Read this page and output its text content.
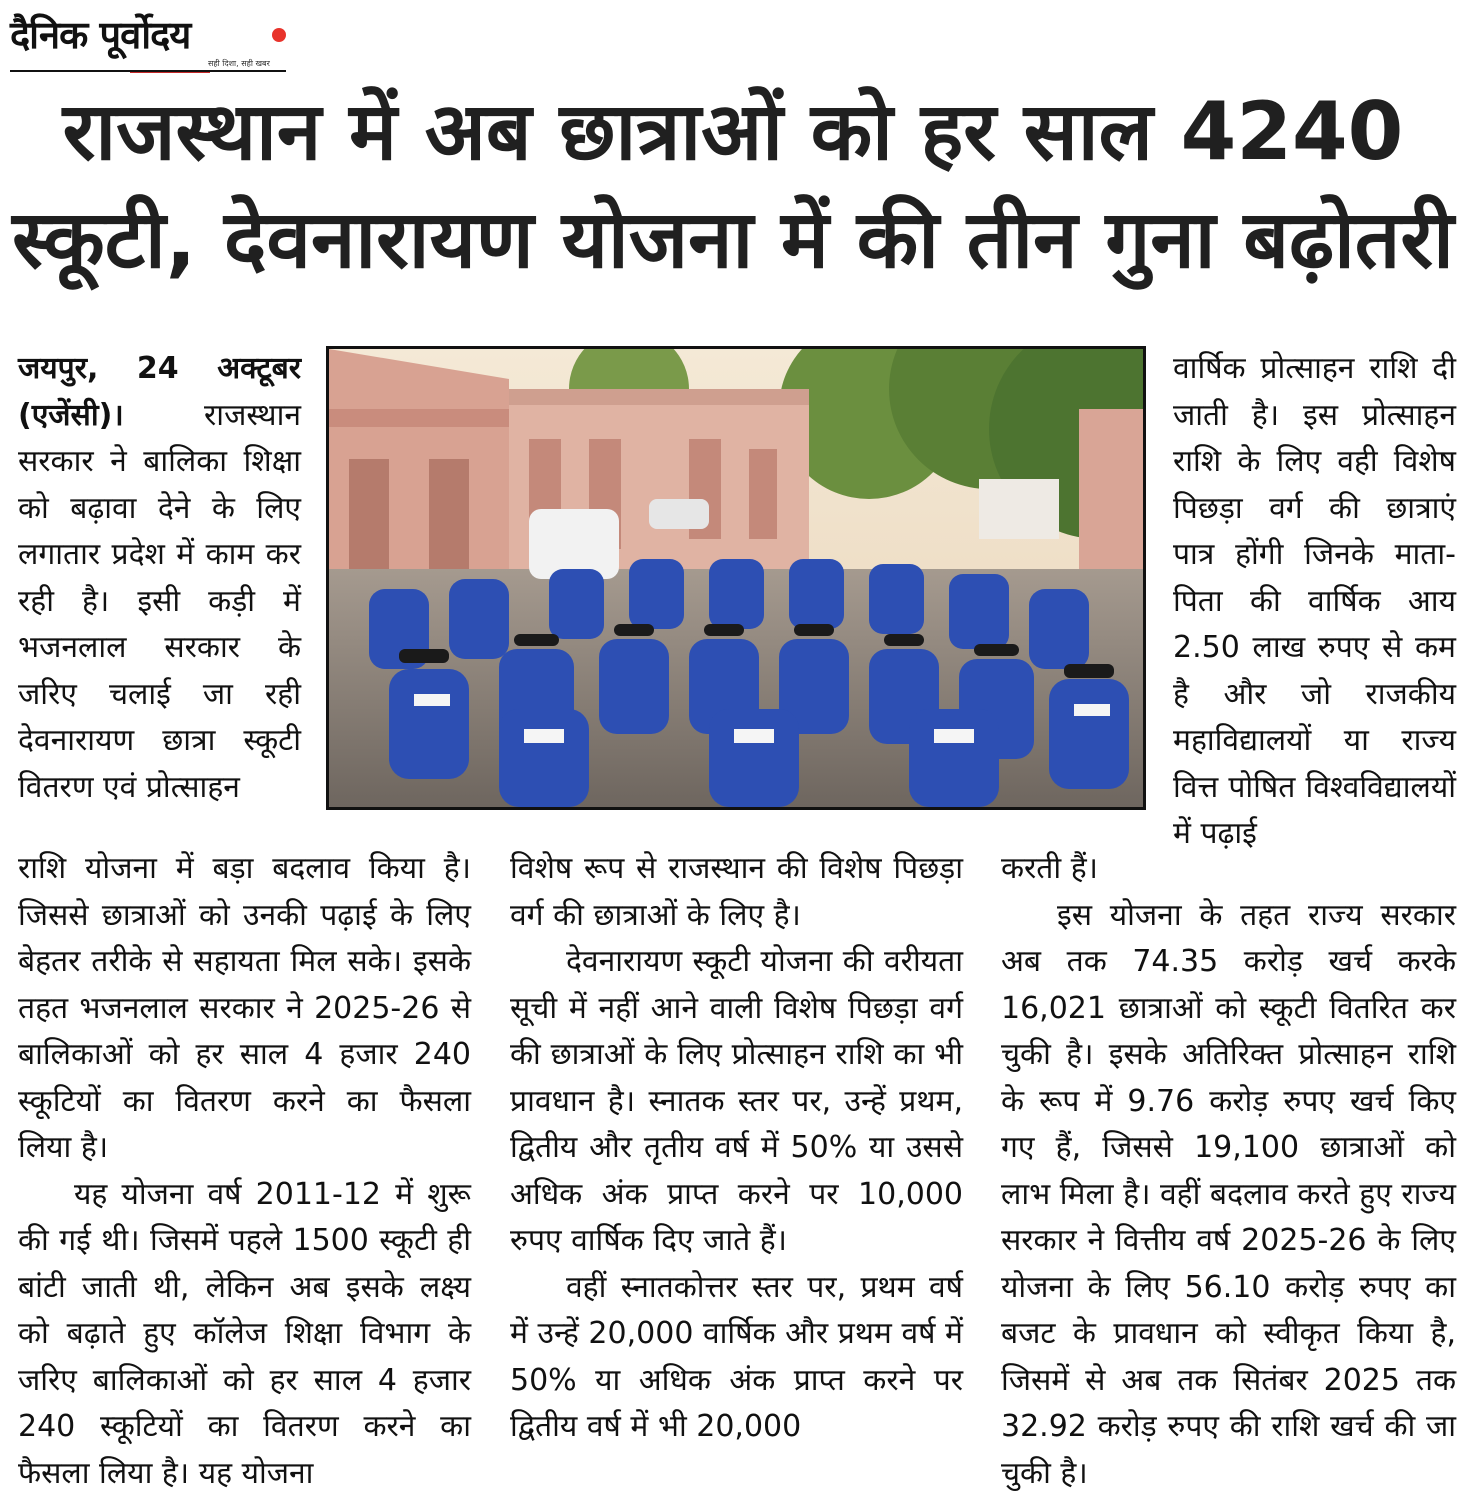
दैनिक पूर्वोदय
सही दिशा, सही खबर
राजस्थान में अब छात्राओं को हर साल 4240
स्कूटी, देवनारायण योजना में की तीन गुना बढ़ोतरी

जयपुर, 24 अक्टूबर (एजेंसी)।	राजस्थान सरकार ने बालिका शिक्षा को बढ़ावा देने के लिए लगातार प्रदेश में काम कर रही है। इसी कड़ी में भजनलाल सरकार के जरिए चलाई जा रही देवनारायण छात्रा स्कूटी वितरण एवं प्रोत्साहन

वार्षिक प्रोत्साहन राशि दी जाती है। इस प्रोत्साहन राशि के लिए वही विशेष पिछड़ा वर्ग की छात्राएं पात्र होंगी जिनके माता-पिता की वार्षिक आय 2.50 लाख रुपए से कम है और जो राजकीय महाविद्यालयों या राज्य वित्त पोषित विश्वविद्यालयों में पढ़ाई

राशि योजना में बड़ा बदलाव किया है। जिससे छात्राओं को उनकी पढ़ाई के लिए बेहतर तरीके से सहायता मिल सके। इसके तहत भजनलाल सरकार ने 2025-26 से बालिकाओं को हर साल 4 हजार 240 स्कूटियों का वितरण करने का फैसला लिया है।

यह योजना वर्ष 2011-12 में शुरू की गई थी। जिसमें पहले 1500 स्कूटी ही बांटी जाती थी, लेकिन अब इसके लक्ष्य को बढ़ाते हुए कॉलेज शिक्षा विभाग के जरिए बालिकाओं को हर साल 4 हजार 240 स्कूटियों का वितरण करने का फैसला लिया है। यह योजना

विशेष रूप से राजस्थान की विशेष पिछड़ा वर्ग की छात्राओं के लिए है।

देवनारायण स्कूटी योजना की वरीयता सूची में नहीं आने वाली विशेष पिछड़ा वर्ग की छात्राओं के लिए प्रोत्साहन राशि का भी प्रावधान है। स्नातक स्तर पर, उन्हें प्रथम, द्वितीय और तृतीय वर्ष में 50% या उससे अधिक अंक प्राप्त करने पर 10,000 रुपए वार्षिक दिए जाते हैं।

वहीं स्नातकोत्तर स्तर पर, प्रथम वर्ष में उन्हें 20,000 वार्षिक और प्रथम वर्ष में 50% या अधिक अंक प्राप्त करने पर द्वितीय वर्ष में भी 20,000

करती हैं।

इस योजना के तहत राज्य सरकार अब तक 74.35 करोड़ खर्च करके 16,021 छात्राओं को स्कूटी वितरित कर चुकी है। इसके अतिरिक्त प्रोत्साहन राशि के रूप में 9.76 करोड़ रुपए खर्च किए गए हैं, जिससे 19,100 छात्राओं को लाभ मिला है। वहीं बदलाव करते हुए राज्य सरकार ने वित्तीय वर्ष 2025-26 के लिए योजना के लिए 56.10 करोड़ रुपए का बजट के प्रावधान को स्वीकृत किया है, जिसमें से अब तक सितंबर 2025 तक 32.92 करोड़ रुपए की राशि खर्च की जा चुकी है।
